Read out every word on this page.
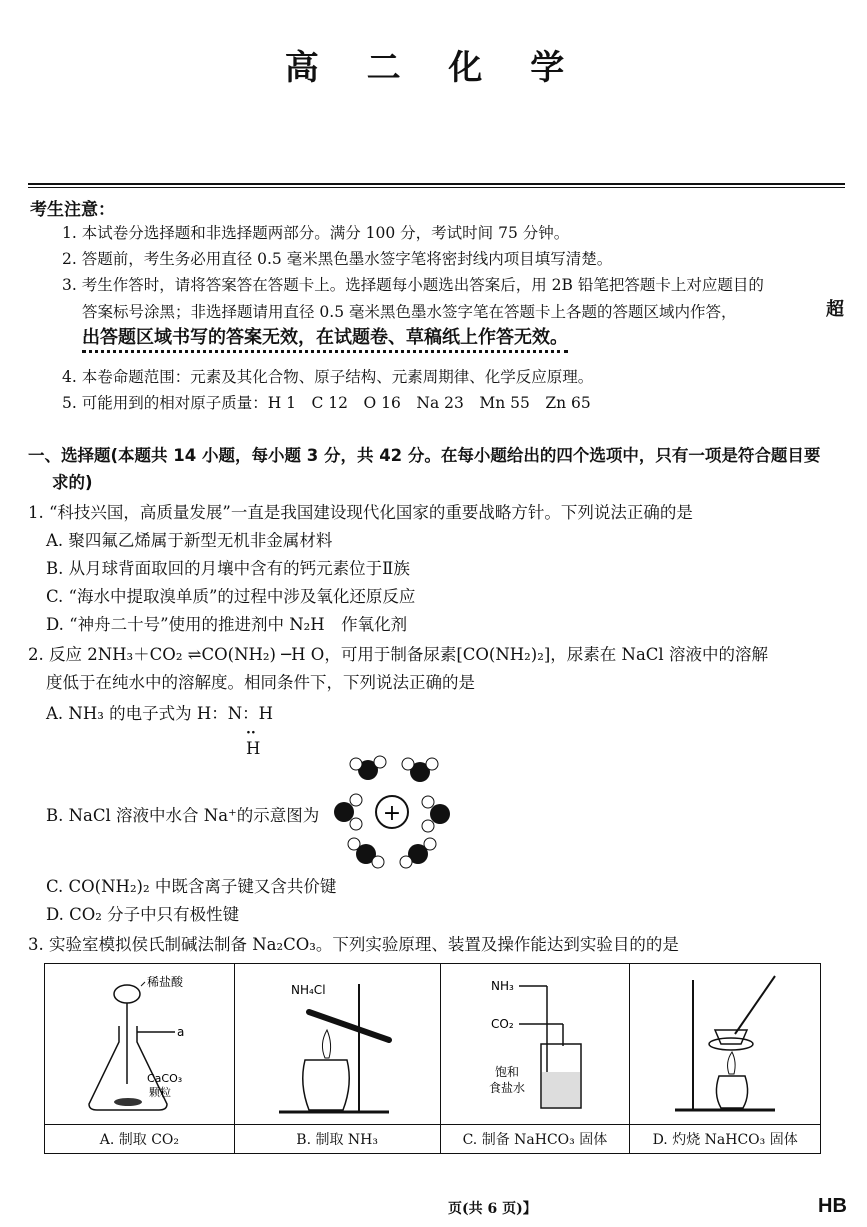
高 二 化 学
考生注意：
1. 本试卷分选择题和非选择题两部分。满分 100 分，考试时间 75 分钟。
2. 答题前，考生务必用直径 0.5 毫米黑色墨水签字笔将密封线内项目填写清楚。
3. 考生作答时，请将答案答在答题卡上。选择题每小题选出答案后，用 2B 铅笔把答题卡上对应题目的
答案标号涂黑；非选择题请用直径 0.5 毫米黑色墨水签字笔在答题卡上各题的答题区域内作答，	超
出答题区域书写的答案无效，在试题卷、草稿纸上作答无效。
4. 本卷命题范围：元素及其化合物、原子结构、元素周期律、化学反应原理。
5. 可能用到的相对原子质量：H 1　C 12　O 16　Na 23　Mn 55　Zn 65
一、选择题(本题共 14 小题，每小题 3 分，共 42 分。在每小题给出的四个选项中，只有一项是符合题目要
求的)
1. “科技兴国，高质量发展”一直是我国建设现代化国家的重要战略方针。下列说法正确的是
A. 聚四氟乙烯属于新型无机非金属材料
B. 从月球背面取回的月壤中含有的钙元素位于Ⅱ族
C. “海水中提取溴单质”的过程中涉及氧化还原反应
D. “神舟二十号”使用的推进剂中 N₂H　作氧化剂
2. 反应 2NH₃＋CO₂ ⇌CO(NH₂) ─H O，可用于制备尿素[CO(NH₂)₂]，尿素在 NaCl 溶液中的溶解
度低于在纯水中的溶解度。相同条件下，下列说法正确的是
A. NH₃ 的电子式为 H：N：H
··
H
B. NaCl 溶液中水合 Na⁺的示意图为	+
C. CO(NH₂)₂ 中既含离子键又含共价键
D. CO₂ 分子中只有极性键
3. 实验室模拟侯氏制碱法制备 Na₂CO₃。下列实验原理、装置及操作能达到实验目的的是
稀盐酸
a
CaCO₃
颗粒	NH₄Cl	NH₃
CO₂
饱和
食盐水

A. 制取 CO₂	B. 制取 NH₃	C. 制备 NaHCO₃ 固体	D. 灼烧 NaHCO₃ 固体
页(共 6 页)】	HB
